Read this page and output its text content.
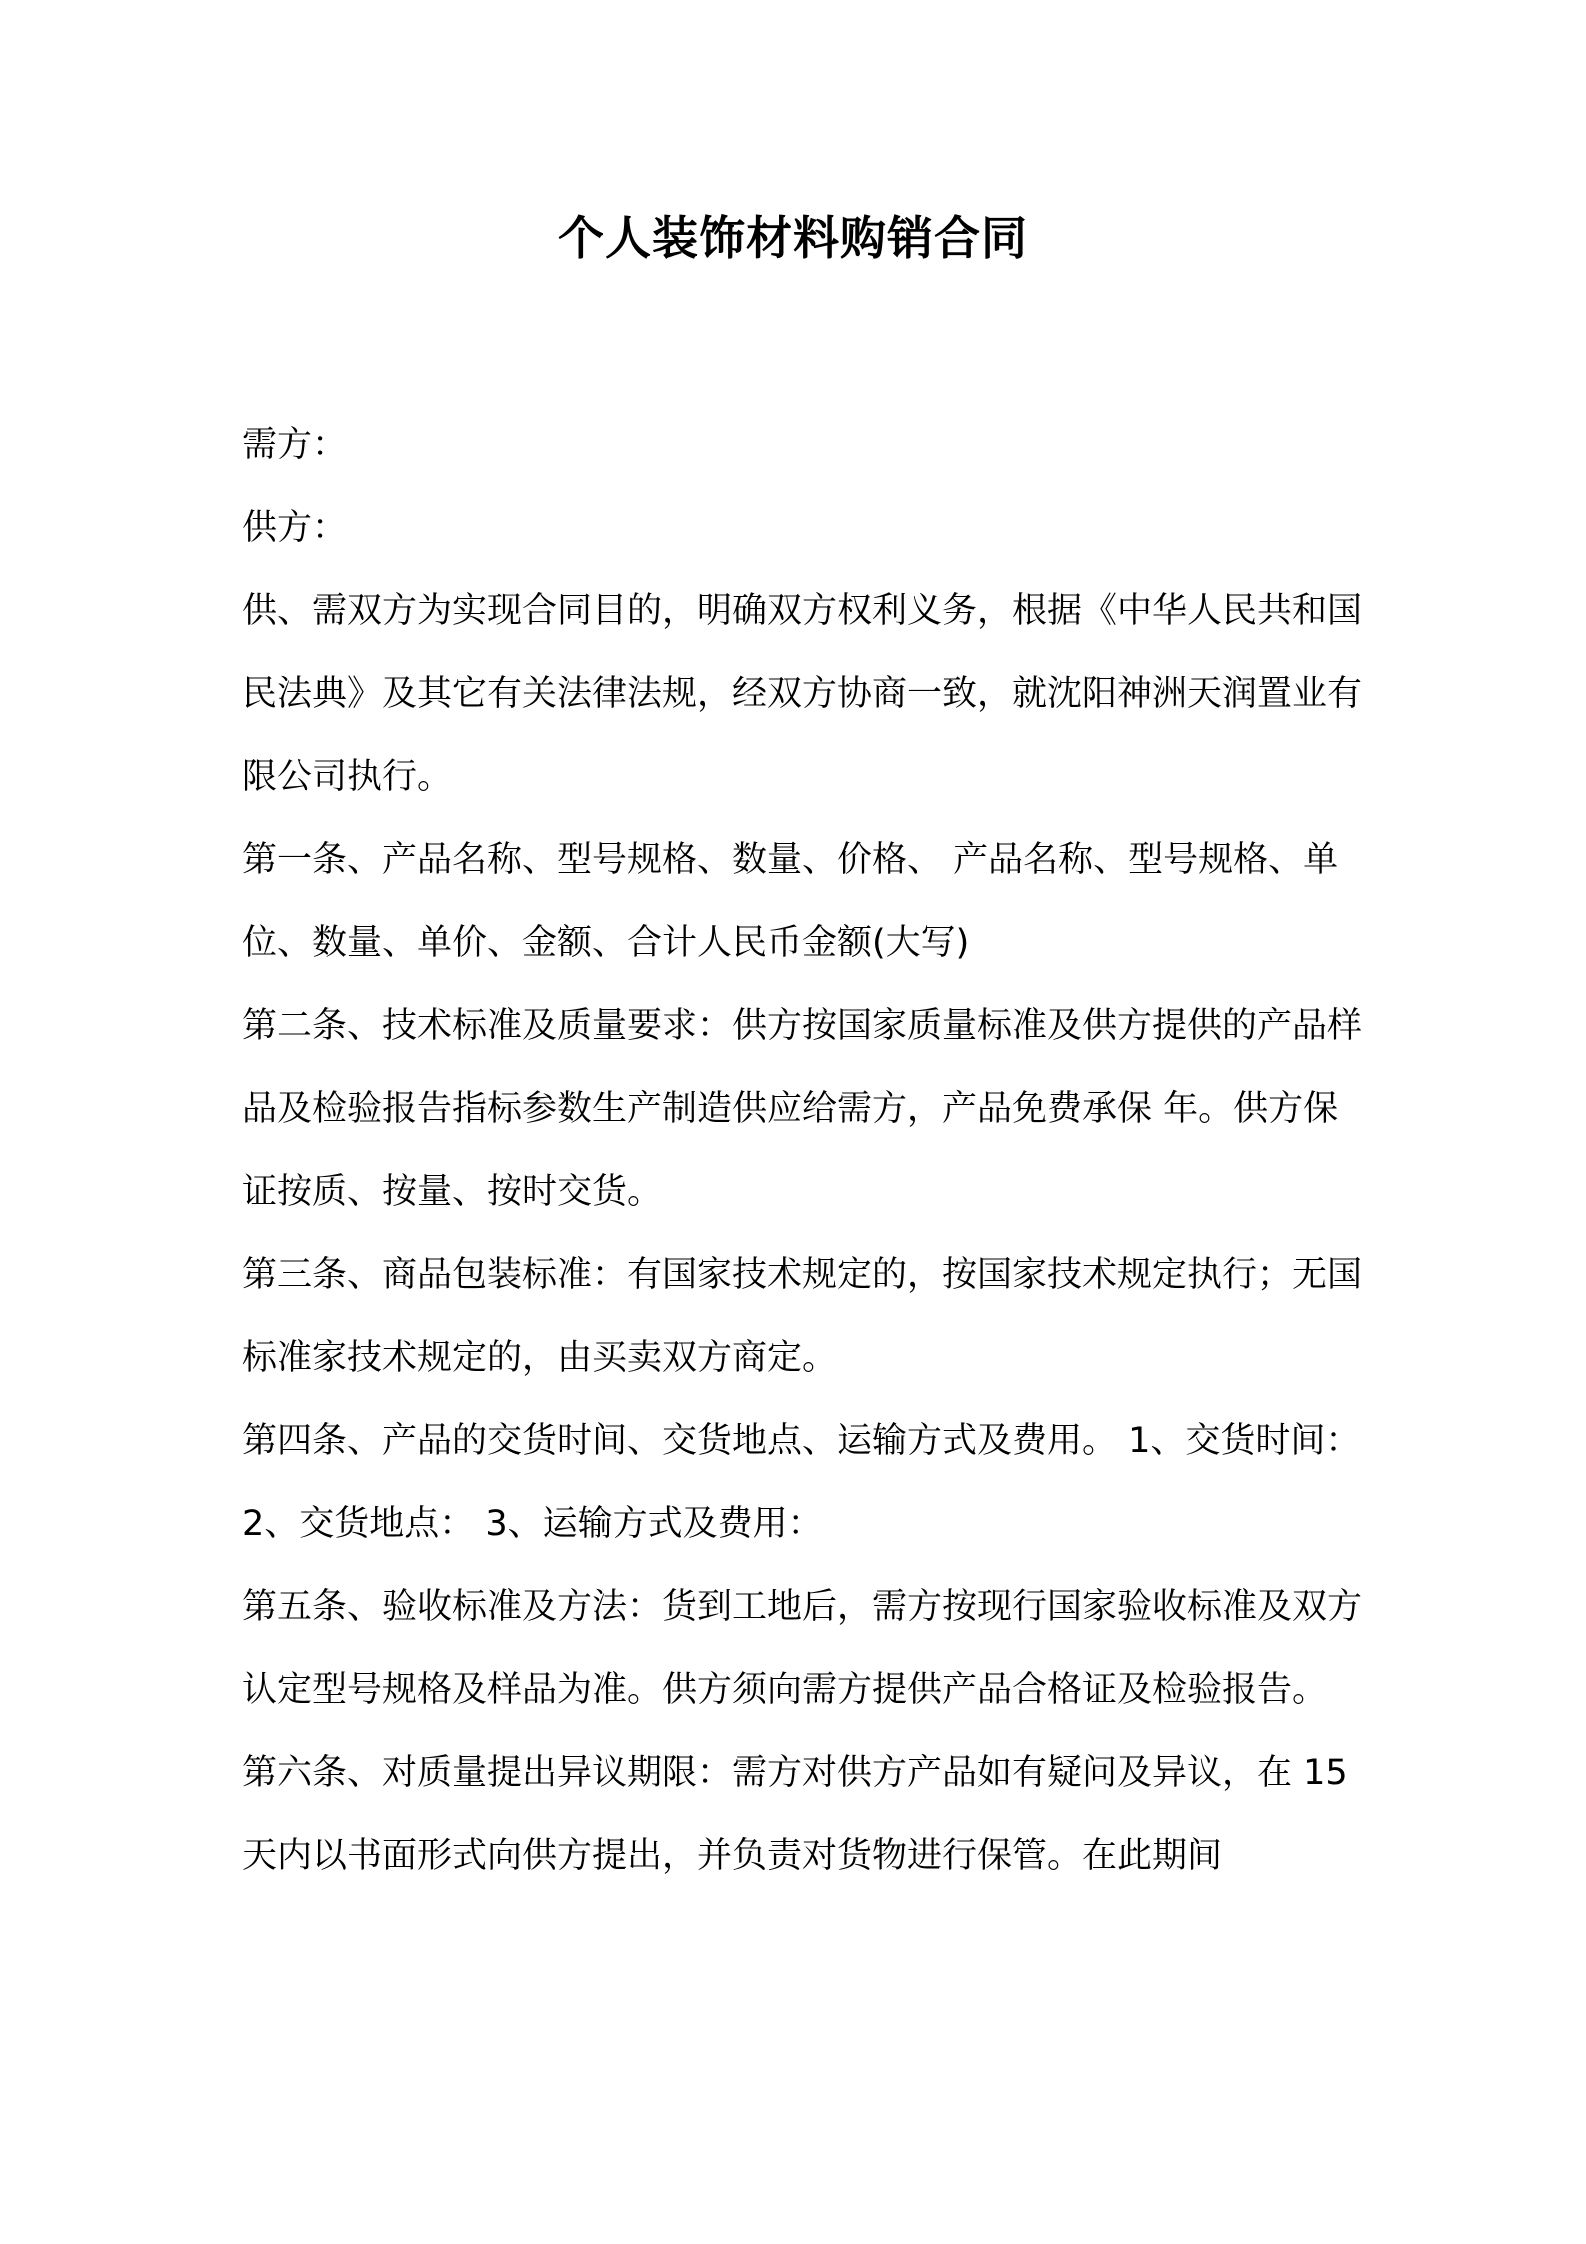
个人装饰材料购销合同

需方：

供方：

供、需双方为实现合同目的，明确双方权利义务，根据《中华人民共和国 民法典》及其它有关法律法规，经双方协商一致，就沈阳神洲天润置业有限公司执行。

第一条、产品名称、型号规格、数量、价格、 产品名称、型号规格、单位、数量、单价、金额、合计人民币金额(大写)

第二条、技术标准及质量要求：供方按国家质量标准及供方提供的产品样品及检验报告指标参数生产制造供应给需方，产品免费承保 年。供方保证按质、按量、按时交货。

第三条、商品包装标准：有国家技术规定的，按国家技术规定执行；无国标准家技术规定的，由买卖双方商定。

第四条、产品的交货时间、交货地点、运输方式及费用。 1、交货时间： 2、交货地点： 3、运输方式及费用：

第五条、验收标准及方法：货到工地后，需方按现行国家验收标准及双方认定型号规格及样品为准。供方须向需方提供产品合格证及检验报告。

第六条、对质量提出异议期限：需方对供方产品如有疑问及异议，在 15 天内以书面形式向供方提出，并负责对货物进行保管。在此期间
